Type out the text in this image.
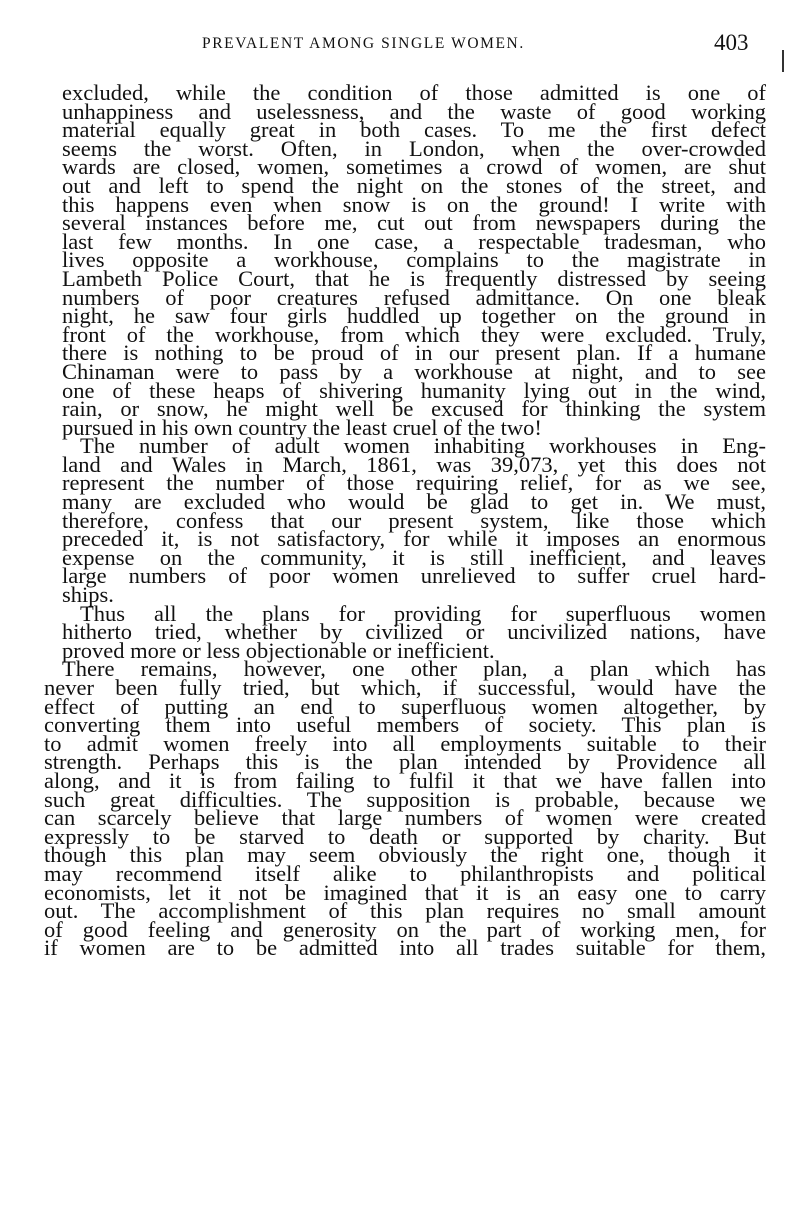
PREVALENT AMONG SINGLE WOMEN.	403
excluded, while the condition of those admitted is one of
unhappiness and uselessness, and the waste of good working
material equally great in both cases. To me the first defect
seems the worst. Often, in London, when the over-crowded
wards are closed, women, sometimes a crowd of women, are shut
out and left to spend the night on the stones of the street, and
this happens even when snow is on the ground! I write with
several instances before me, cut out from newspapers during the
last few months. In one case, a respectable tradesman, who
lives opposite a workhouse, complains to the magistrate in
Lambeth Police Court, that he is frequently distressed by seeing
numbers of poor creatures refused admittance. On one bleak
night, he saw four girls huddled up together on the ground in
front of the workhouse, from which they were excluded. Truly,
there is nothing to be proud of in our present plan. If a humane
Chinaman were to pass by a workhouse at night, and to see
one of these heaps of shivering humanity lying out in the wind,
rain, or snow, he might well be excused for thinking the system
pursued in his own country the least cruel of the two!
The number of adult women inhabiting workhouses in Eng-
land and Wales in March, 1861, was 39,073, yet this does not
represent the number of those requiring relief, for as we see,
many are excluded who would be glad to get in. We must,
therefore, confess that our present system, like those which
preceded it, is not satisfactory, for while it imposes an enormous
expense on the community, it is still inefficient, and leaves
large numbers of poor women unrelieved to suffer cruel hard-
ships.
Thus all the plans for providing for superfluous women
hitherto tried, whether by civilized or uncivilized nations, have
proved more or less objectionable or inefficient.
There remains, however, one other plan, a plan which has
never been fully tried, but which, if successful, would have the
effect of putting an end to superfluous women altogether, by
converting them into useful members of society. This plan is
to admit women freely into all employments suitable to their
strength. Perhaps this is the plan intended by Providence all
along, and it is from failing to fulfil it that we have fallen into
such great difficulties. The supposition is probable, because we
can scarcely believe that large numbers of women were created
expressly to be starved to death or supported by charity. But
though this plan may seem obviously the right one, though it
may recommend itself alike to philanthropists and political
economists, let it not be imagined that it is an easy one to carry
out. The accomplishment of this plan requires no small amount
of good feeling and generosity on the part of working men, for
if women are to be admitted into all trades suitable for them,
